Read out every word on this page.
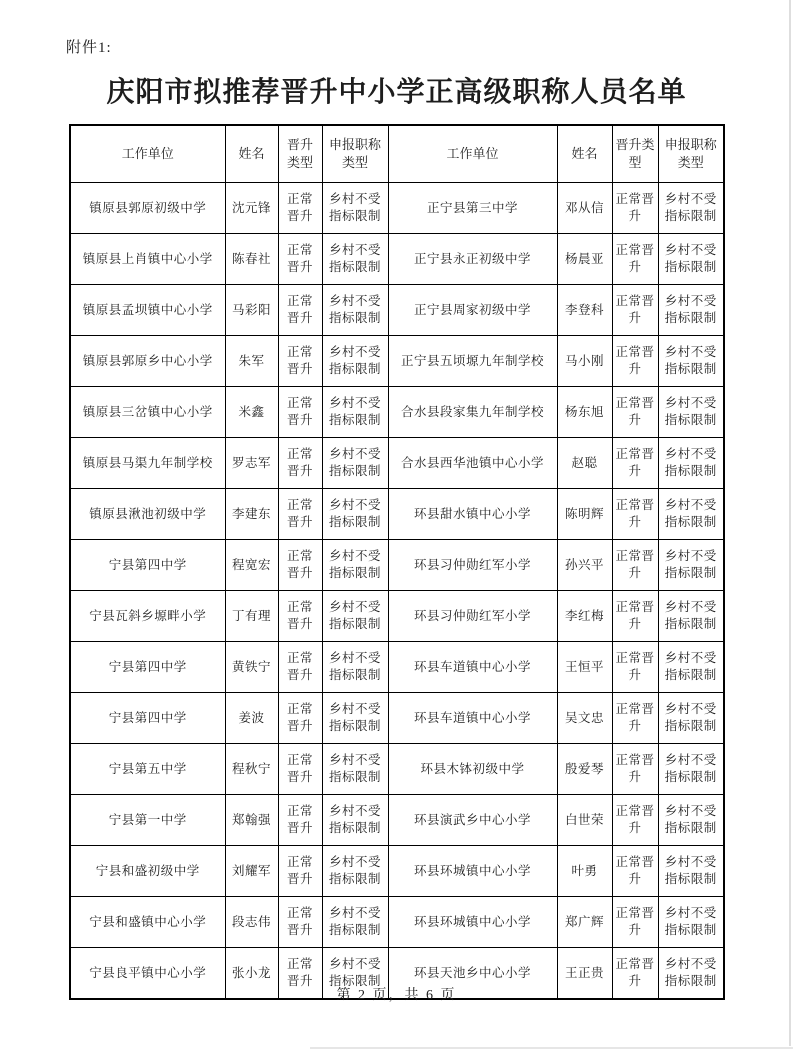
附件1:
庆阳市拟推荐晋升中小学正高级职称人员名单
工作单位	姓名	晋升类型	申报职称类型	工作单位	姓名	晋升类型	申报职称类型
镇原县郭原初级中学	沈元锋	正常晋升	乡村不受指标限制	正宁县第三中学	邓从信	正常晋升	乡村不受指标限制
镇原县上肖镇中心小学	陈春社	正常晋升	乡村不受指标限制	正宁县永正初级中学	杨晨亚	正常晋升	乡村不受指标限制
镇原县孟坝镇中心小学	马彩阳	正常晋升	乡村不受指标限制	正宁县周家初级中学	李登科	正常晋升	乡村不受指标限制
镇原县郭原乡中心小学	朱军	正常晋升	乡村不受指标限制	正宁县五顷塬九年制学校	马小刚	正常晋升	乡村不受指标限制
镇原县三岔镇中心小学	米鑫	正常晋升	乡村不受指标限制	合水县段家集九年制学校	杨东旭	正常晋升	乡村不受指标限制
镇原县马渠九年制学校	罗志军	正常晋升	乡村不受指标限制	合水县西华池镇中心小学	赵聪	正常晋升	乡村不受指标限制
镇原县湫池初级中学	李建东	正常晋升	乡村不受指标限制	环县甜水镇中心小学	陈明辉	正常晋升	乡村不受指标限制
宁县第四中学	程宽宏	正常晋升	乡村不受指标限制	环县习仲勋红军小学	孙兴平	正常晋升	乡村不受指标限制
宁县瓦斜乡塬畔小学	丁有理	正常晋升	乡村不受指标限制	环县习仲勋红军小学	李红梅	正常晋升	乡村不受指标限制
宁县第四中学	黄铁宁	正常晋升	乡村不受指标限制	环县车道镇中心小学	王恒平	正常晋升	乡村不受指标限制
宁县第四中学	姜波	正常晋升	乡村不受指标限制	环县车道镇中心小学	吴文忠	正常晋升	乡村不受指标限制
宁县第五中学	程秋宁	正常晋升	乡村不受指标限制	环县木钵初级中学	殷爱琴	正常晋升	乡村不受指标限制
宁县第一中学	郑翰强	正常晋升	乡村不受指标限制	环县演武乡中心小学	白世荣	正常晋升	乡村不受指标限制
宁县和盛初级中学	刘耀军	正常晋升	乡村不受指标限制	环县环城镇中心小学	叶勇	正常晋升	乡村不受指标限制
宁县和盛镇中心小学	段志伟	正常晋升	乡村不受指标限制	环县环城镇中心小学	郑广辉	正常晋升	乡村不受指标限制
宁县良平镇中心小学	张小龙	正常晋升	乡村不受指标限制	环县天池乡中心小学	王正贵	正常晋升	乡村不受指标限制
第 2 页，共 6 页
